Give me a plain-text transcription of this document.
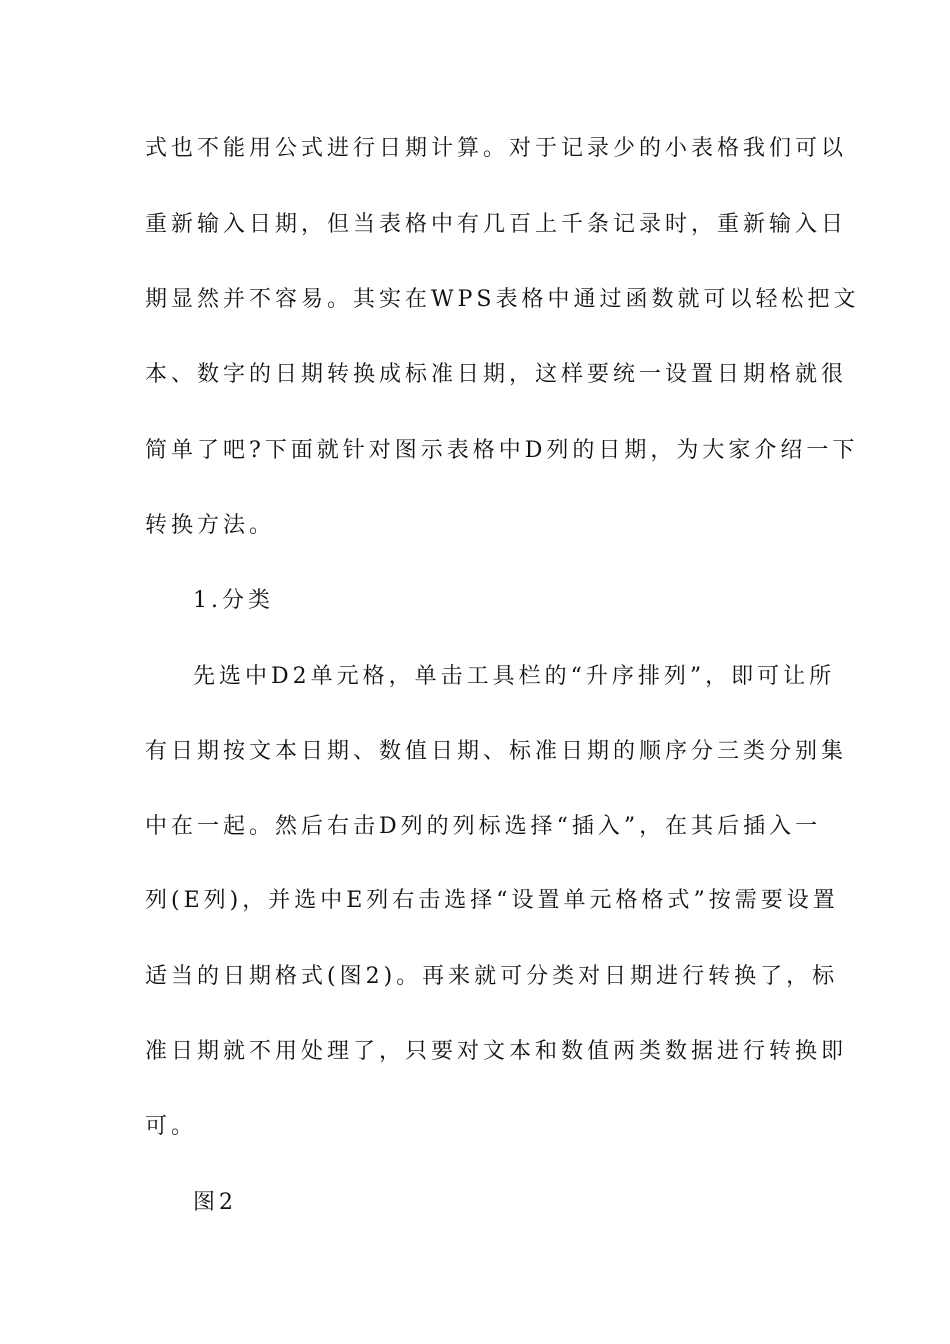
式也不能用公式进行日期计算。对于记录少的小表格我们可以
重新输入日期，但当表格中有几百上千条记录时，重新输入日
期显然并不容易。其实在WPS表格中通过函数就可以轻松把文
本、数字的日期转换成标准日期，这样要统一设置日期格就很
简单了吧?下面就针对图示表格中D列的日期，为大家介绍一下
转换方法。
1.分类
先选中D2单元格，单击工具栏的“升序排列”，即可让所
有日期按文本日期、数值日期、标准日期的顺序分三类分别集
中在一起。然后右击D列的列标选择“插入”，在其后插入一
列(E列)，并选中E列右击选择“设置单元格格式”按需要设置
适当的日期格式(图2)。再来就可分类对日期进行转换了，标
准日期就不用处理了，只要对文本和数值两类数据进行转换即
可。
图2
